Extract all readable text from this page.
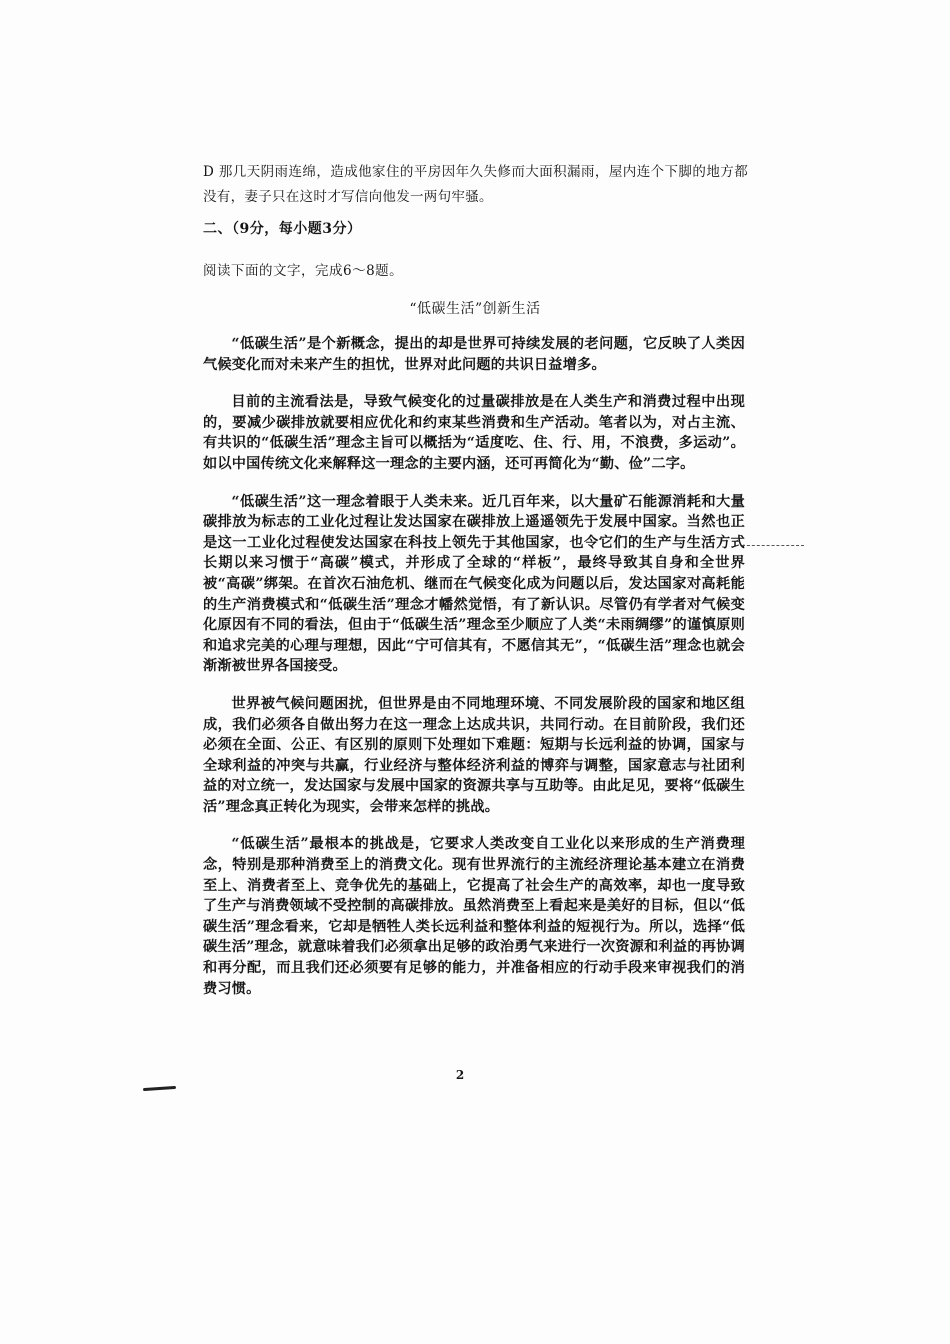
D 那几天阴雨连绵，造成他家住的平房因年久失修而大面积漏雨，屋内连个下脚的地方都没有，妻子只在这时才写信向他发一两句牢骚。
二、（9分，每小题3分）
阅读下面的文字，完成6～8题。
“低碳生活”创新生活

“低碳生活”是个新概念，提出的却是世界可持续发展的老问题，它反映了人类因气候变化而对未来产生的担忧，世界对此问题的共识日益增多。

目前的主流看法是，导致气候变化的过量碳排放是在人类生产和消费过程中出现的，要减少碳排放就要相应优化和约束某些消费和生产活动。笔者以为，对占主流、有共识的“低碳生活”理念主旨可以概括为“适度吃、住、行、用，不浪费，多运动”。如以中国传统文化来解释这一理念的主要内涵，还可再简化为“勤、俭”二字。

“低碳生活”这一理念着眼于人类未来。近几百年来，以大量矿石能源消耗和大量碳排放为标志的工业化过程让发达国家在碳排放上遥遥领先于发展中国家。当然也正是这一工业化过程使发达国家在科技上领先于其他国家，也令它们的生产与生活方式长期以来习惯于“高碳”模式，并形成了全球的“样板”，最终导致其自身和全世界被“高碳”绑架。在首次石油危机、继而在气候变化成为问题以后，发达国家对高耗能的生产消费模式和“低碳生活”理念才幡然觉悟，有了新认识。尽管仍有学者对气候变化原因有不同的看法，但由于“低碳生活”理念至少顺应了人类“未雨绸缪”的谨慎原则和追求完美的心理与理想，因此“宁可信其有，不愿信其无”，“低碳生活”理念也就会渐渐被世界各国接受。

世界被气候问题困扰，但世界是由不同地理环境、不同发展阶段的国家和地区组成，我们必须各自做出努力在这一理念上达成共识，共同行动。在目前阶段，我们还必须在全面、公正、有区别的原则下处理如下难题：短期与长远利益的协调，国家与全球利益的冲突与共赢，行业经济与整体经济利益的博弈与调整，国家意志与社团利益的对立统一，发达国家与发展中国家的资源共享与互助等。由此足见，要将“低碳生活”理念真正转化为现实，会带来怎样的挑战。

“低碳生活”最根本的挑战是，它要求人类改变自工业化以来形成的生产消费理念，特别是那种消费至上的消费文化。现有世界流行的主流经济理论基本建立在消费至上、消费者至上、竞争优先的基础上，它提高了社会生产的高效率，却也一度导致了生产与消费领域不受控制的高碳排放。虽然消费至上看起来是美好的目标，但以“低碳生活”理念看来，它却是牺牲人类长远利益和整体利益的短视行为。所以，选择“低碳生活”理念，就意味着我们必须拿出足够的政治勇气来进行一次资源和利益的再协调和再分配，而且我们还必须要有足够的能力，并准备相应的行动手段来审视我们的消费习惯。

2
